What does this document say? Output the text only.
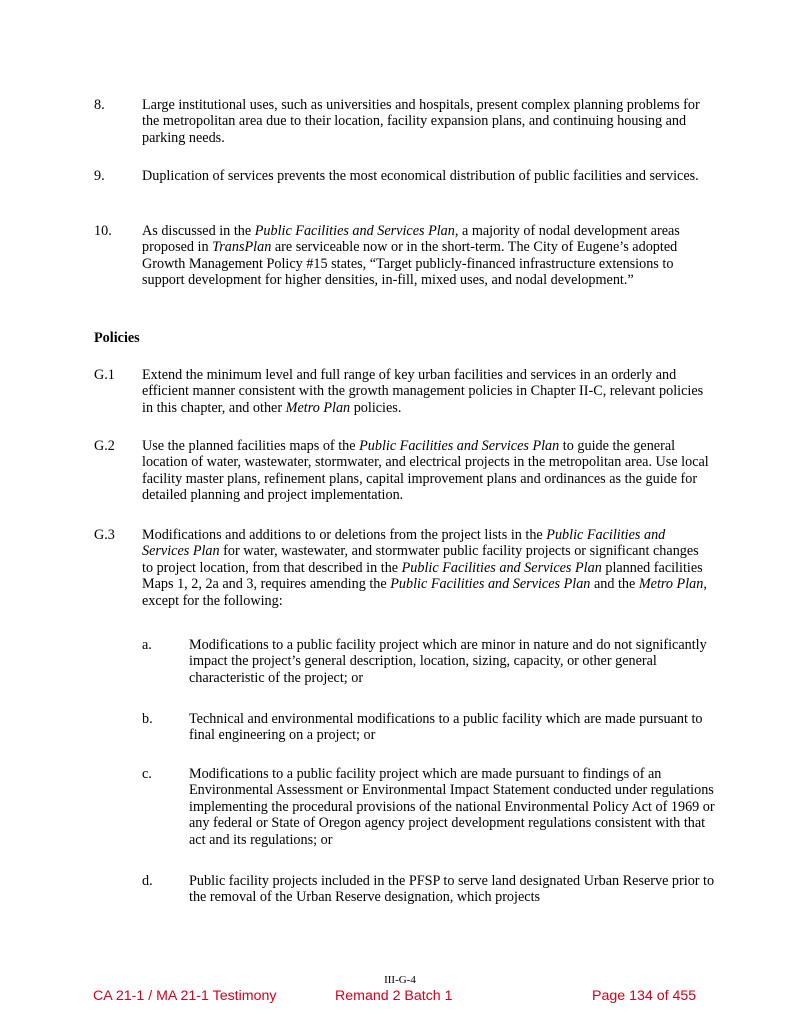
8.	Large institutional uses, such as universities and hospitals, present complex planning problems for the metropolitan area due to their location, facility expansion plans, and continuing housing and parking needs.
9.	Duplication of services prevents the most economical distribution of public facilities and services.
10. As discussed in the Public Facilities and Services Plan, a majority of nodal development areas proposed in TransPlan are serviceable now or in the short-term. The City of Eugene’s adopted Growth Management Policy #15 states, “Target publicly-financed infrastructure extensions to support development for higher densities, in-fill, mixed uses, and nodal development.”
Policies
G.1 Extend the minimum level and full range of key urban facilities and services in an orderly and efficient manner consistent with the growth management policies in Chapter II-C, relevant policies in this chapter, and other Metro Plan policies.
G.2 Use the planned facilities maps of the Public Facilities and Services Plan to guide the general location of water, wastewater, stormwater, and electrical projects in the metropolitan area. Use local facility master plans, refinement plans, capital improvement plans and ordinances as the guide for detailed planning and project implementation.
G.3 Modifications and additions to or deletions from the project lists in the Public Facilities and Services Plan for water, wastewater, and stormwater public facility projects or significant changes to project location, from that described in the Public Facilities and Services Plan planned facilities Maps 1, 2, 2a and 3, requires amending the Public Facilities and Services Plan and the Metro Plan, except for the following:
a.	Modifications to a public facility project which are minor in nature and do not significantly impact the project’s general description, location, sizing, capacity, or other general characteristic of the project; or
b.	Technical and environmental modifications to a public facility which are made pursuant to final engineering on a project; or
c.	Modifications to a public facility project which are made pursuant to findings of an Environmental Assessment or Environmental Impact Statement conducted under regulations implementing the procedural provisions of the national Environmental Policy Act of 1969 or any federal or State of Oregon agency project development regulations consistent with that act and its regulations; or
d.	Public facility projects included in the PFSP to serve land designated Urban Reserve prior to the removal of the Urban Reserve designation, which projects
III-G-4
CA 21-1 / MA 21-1 Testimony	Remand 2 Batch 1	Page 134 of 455
